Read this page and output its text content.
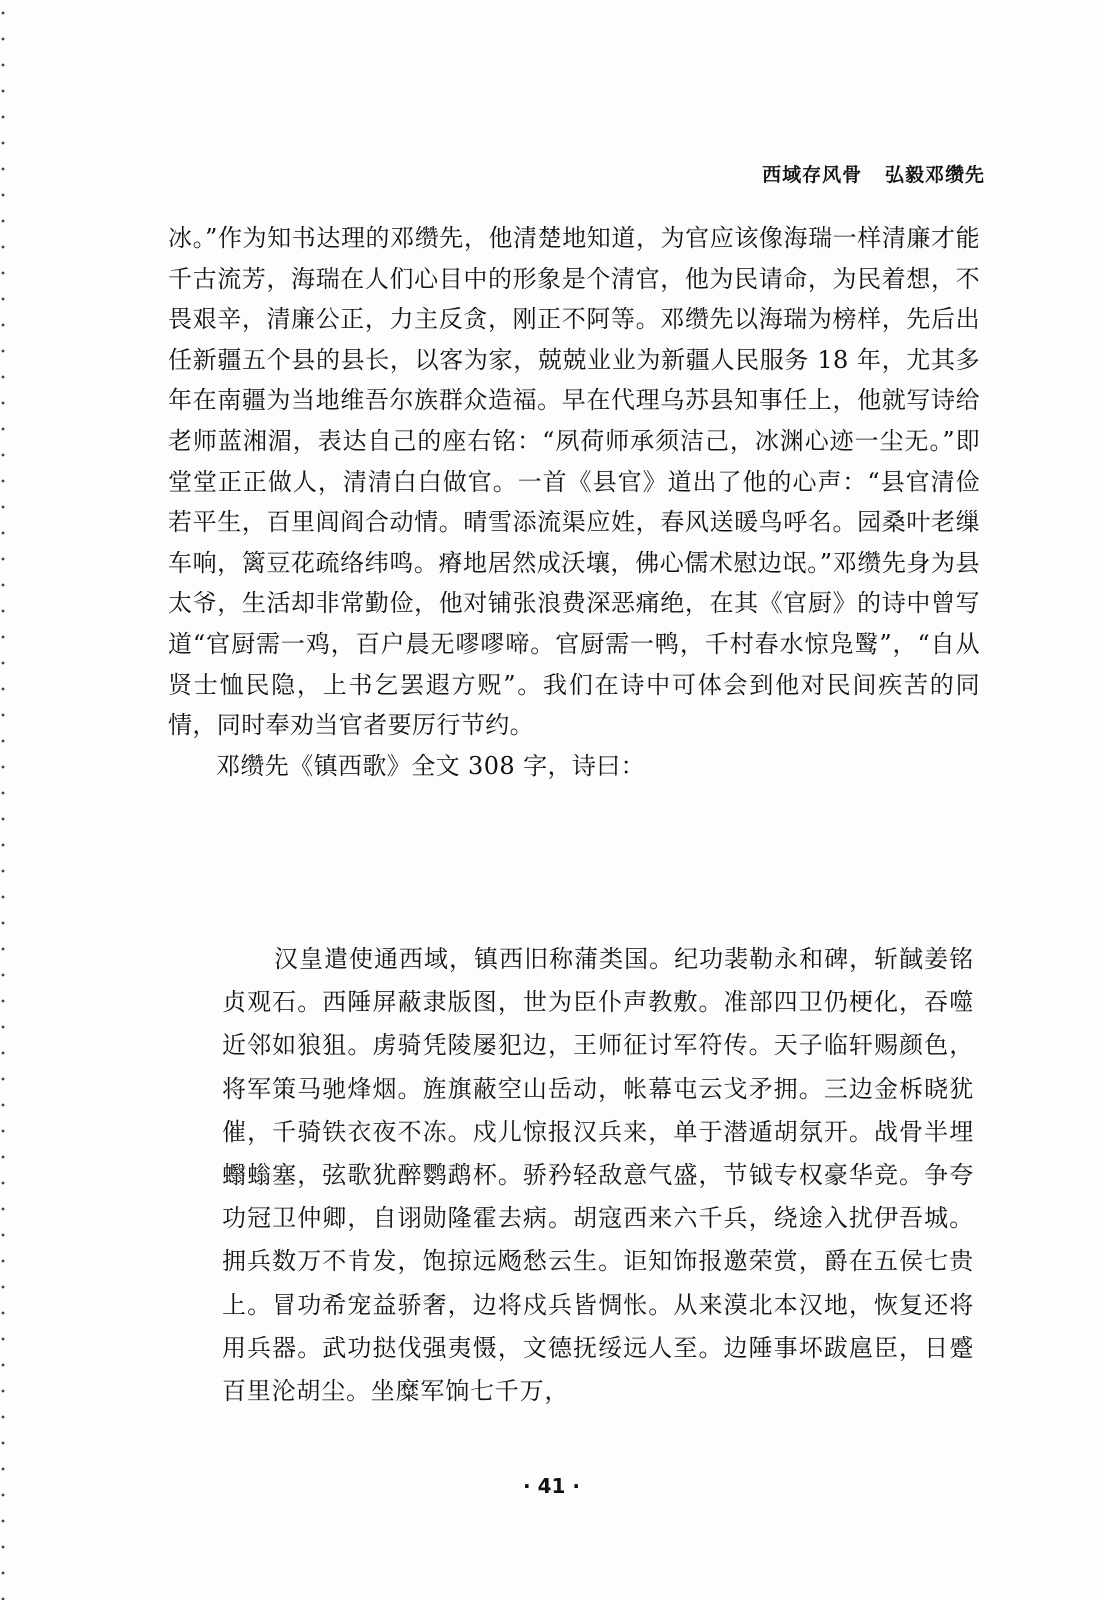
西域存风骨   弘毅邓缵先

冰。”作为知书达理的邓缵先，他清楚地知道，为官应该像海瑞一样清廉才能千古流芳，海瑞在人们心目中的形象是个清官，他为民请命，为民着想，不畏艰辛，清廉公正，力主反贪，刚正不阿等。邓缵先以海瑞为榜样，先后出任新疆五个县的县长，以客为家，兢兢业业为新疆人民服务 18 年，尤其多年在南疆为当地维吾尔族群众造福。早在代理乌苏县知事任上，他就写诗给老师蓝湘湄，表达自己的座右铭：“夙荷师承须洁己，冰渊心迹一尘无。”即堂堂正正做人，清清白白做官。一首《县官》道出了他的心声：“县官清俭若平生，百里闾阎合动情。晴雪添流渠应姓，春风送暖鸟呼名。园桑叶老缫车响，篱豆花疏络纬鸣。瘠地居然成沃壤，佛心儒术慰边氓。”邓缵先身为县太爷，生活却非常勤俭，他对铺张浪费深恶痛绝，在其《官厨》的诗中曾写道“官厨需一鸡，百户晨无嘐嘐啼。官厨需一鸭，千村春水惊凫鹥”，“自从贤士恤民隐，上书乞罢遐方贶”。我们在诗中可体会到他对民间疾苦的同情，同时奉劝当官者要厉行节约。

邓缵先《镇西歌》全文 308 字，诗曰：

汉皇遣使通西域，镇西旧称蒲类国。纪功裴勒永和碑，斩馘姜铭贞观石。西陲屏蔽隶版图，世为臣仆声教敷。准部四卫仍梗化，吞噬近邻如狼狙。虏骑凭陵屡犯边，王师征讨军符传。天子临轩赐颜色，将军策马驰烽烟。旌旗蔽空山岳动，帐幕屯云戈矛拥。三边金柝晓犹催，千骑铁衣夜不冻。戍儿惊报汉兵来，单于潜遁胡氛开。战骨半埋蠮螉塞，弦歌犹醉鹦鹉杯。骄矜轻敌意气盛，节钺专权豪华竞。争夸功冠卫仲卿，自诩勋隆霍去病。胡寇西来六千兵，绕途入扰伊吾城。拥兵数万不肯发，饱掠远飏愁云生。讵知饰报邀荣赏，爵在五侯七贵上。冒功希宠益骄奢，边将戍兵皆惆怅。从来漠北本汉地，恢复还将用兵器。武功挞伐强夷慑，文德抚绥远人至。边陲事坏跋扈臣，日蹙百里沦胡尘。坐糜军饷七千万，

· 41 ·
